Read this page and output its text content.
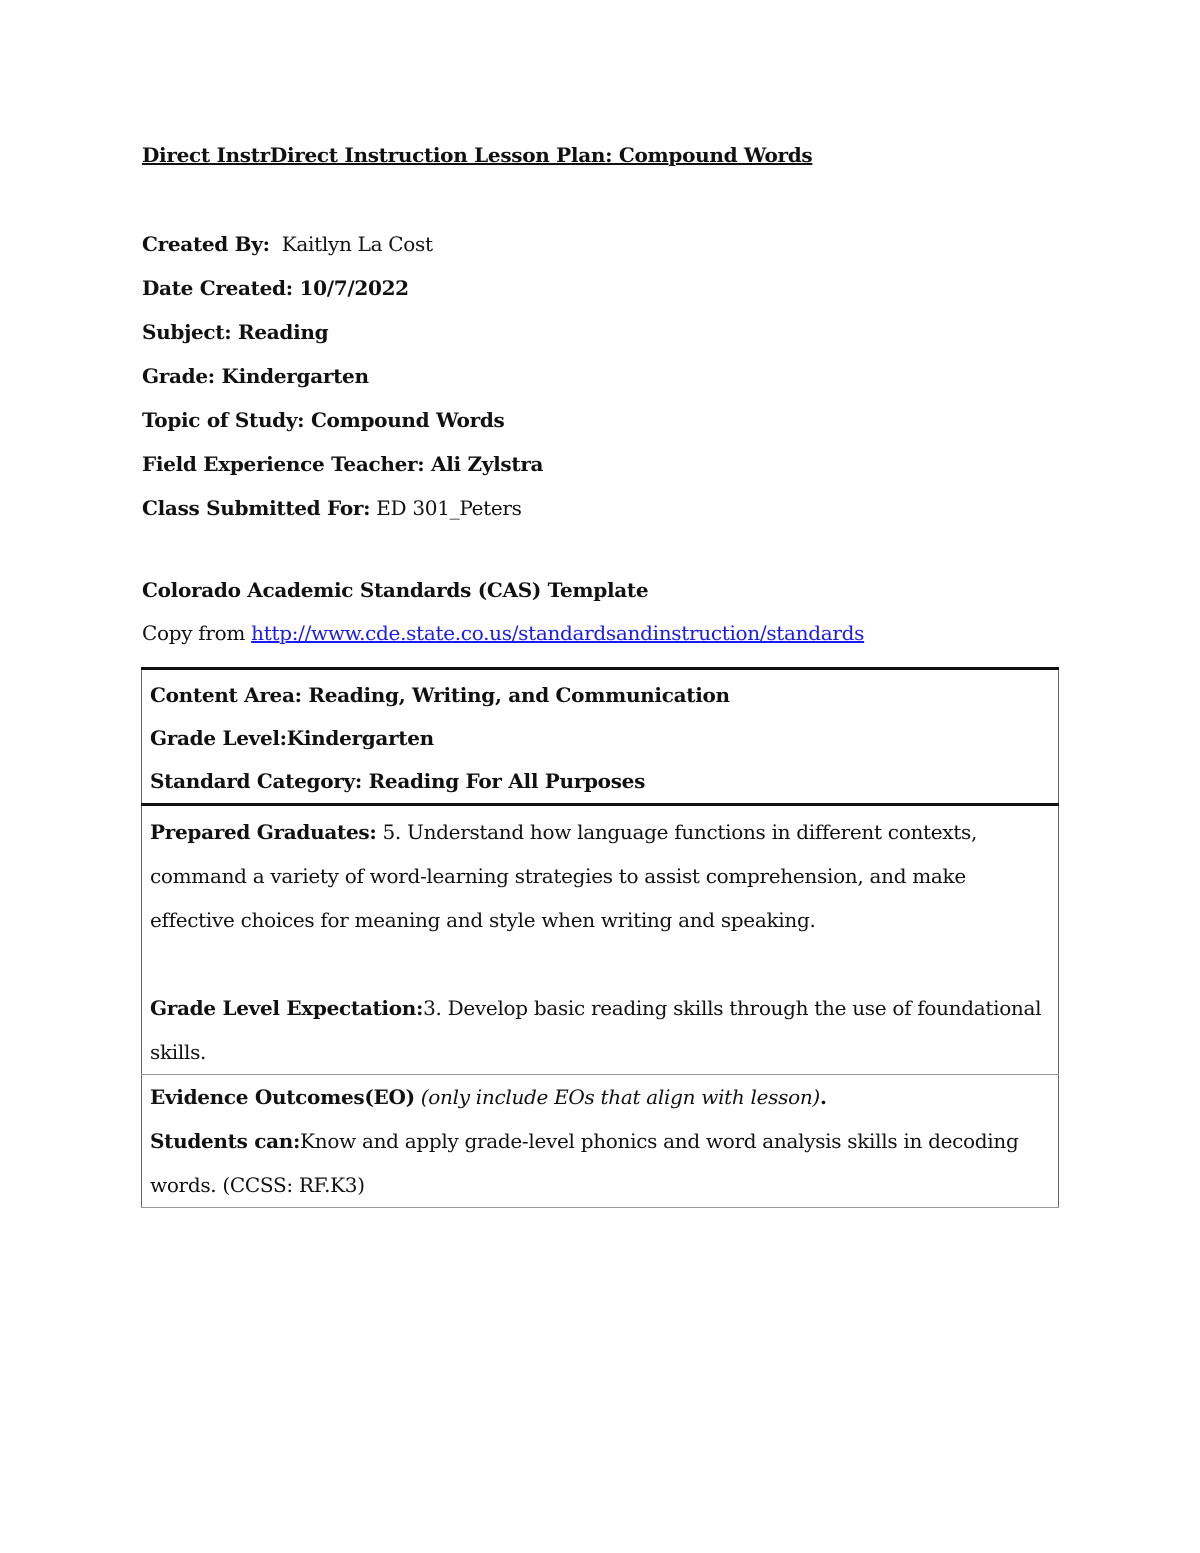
Direct InstrDirect Instruction Lesson Plan: Compound Words
Created By:  Kaitlyn La Cost
Date Created: 10/7/2022
Subject: Reading
Grade: Kindergarten
Topic of Study: Compound Words
Field Experience Teacher: Ali Zylstra
Class Submitted For: ED 301_Peters
Colorado Academic Standards (CAS) Template
Copy from http://www.cde.state.co.us/standardsandinstruction/standards
Content Area: Reading, Writing, and Communication
Grade Level:Kindergarten
Standard Category: Reading For All Purposes

Prepared Graduates: 5. Understand how language functions in different contexts, command a variety of word-learning strategies to assist comprehension, and make effective choices for meaning and style when writing and speaking.
Grade Level Expectation:3. Develop basic reading skills through the use of foundational skills.

Evidence Outcomes(EO) (only include EOs that align with lesson).
Students can:Know and apply grade-level phonics and word analysis skills in decoding words. (CCSS: RF.K3)
